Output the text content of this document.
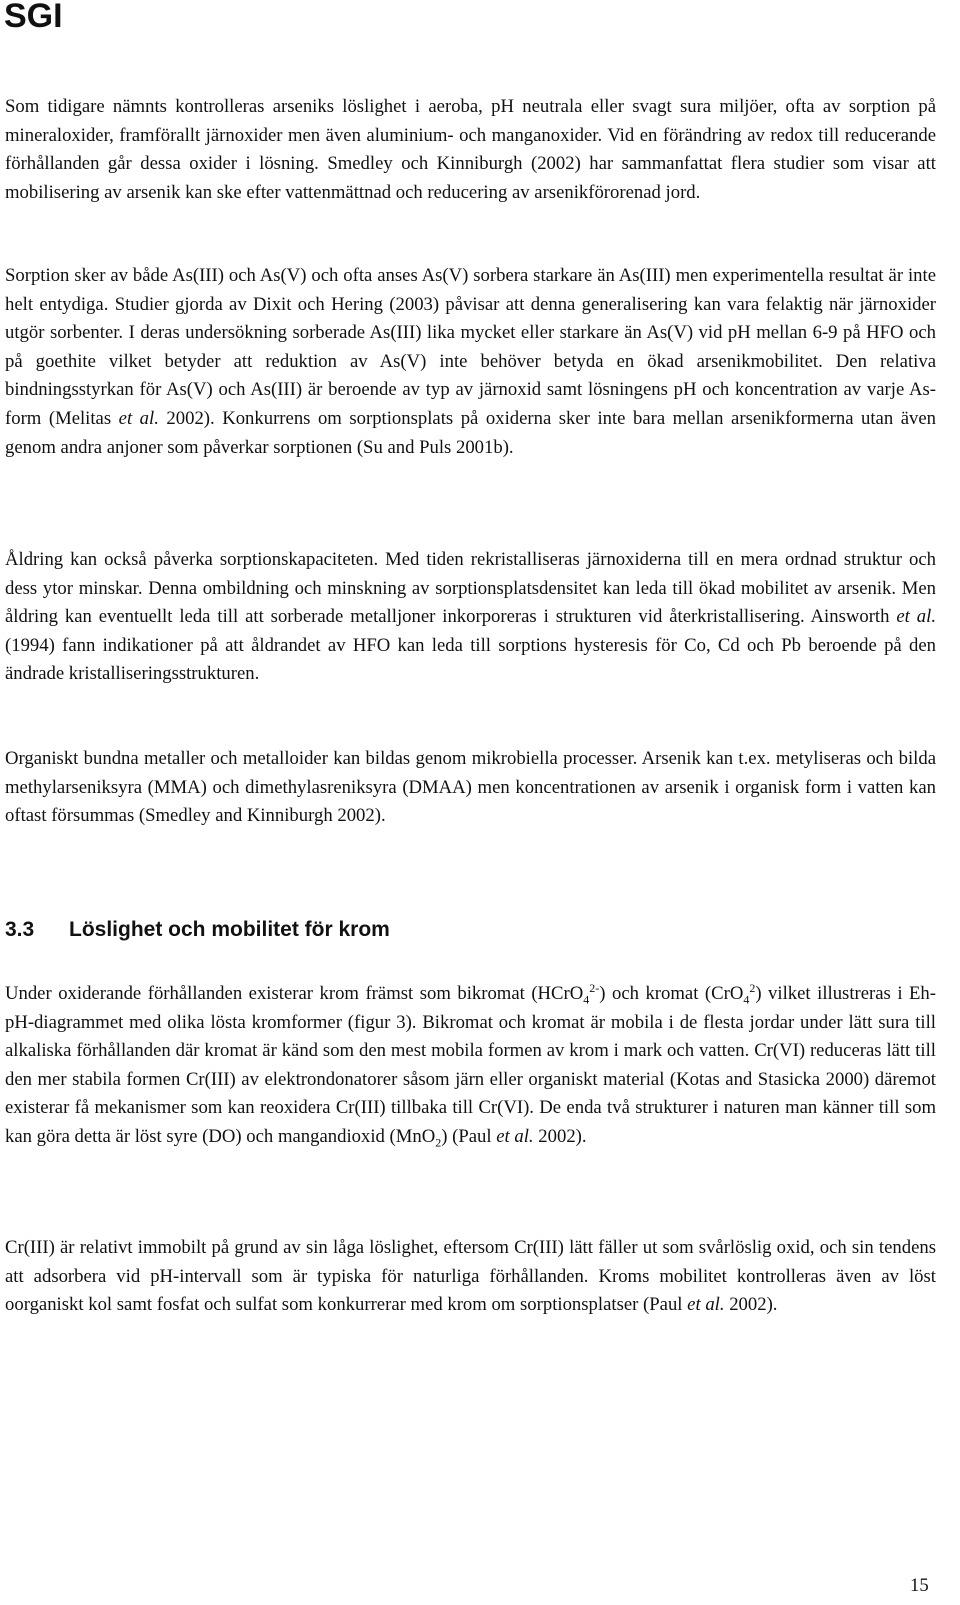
SGI

Som tidigare nämnts kontrolleras arseniks löslighet i aeroba, pH neutrala eller svagt sura miljöer, ofta av sorption på mineraloxider, framförallt järnoxider men även aluminium- och manganoxider. Vid en förändring av redox till reducerande förhållanden går dessa oxider i lösning. Smedley och Kinniburgh (2002) har sammanfattat flera studier som visar att mobilisering av arsenik kan ske efter vattenmättnad och reducering av arsenikförorenad jord.

Sorption sker av både As(III) och As(V) och ofta anses As(V) sorbera starkare än As(III) men experimentella resultat är inte helt entydiga. Studier gjorda av Dixit och Hering (2003) påvisar att denna generalisering kan vara felaktig när järnoxider utgör sorbenter. I deras undersökning sorberade As(III) lika mycket eller starkare än As(V) vid pH mellan 6-9 på HFO och på goethite vilket betyder att reduktion av As(V) inte behöver betyda en ökad arsenikmobilitet. Den relativa bindningsstyrkan för As(V) och As(III) är beroende av typ av järnoxid samt lösningens pH och koncentration av varje As-form (Melitas et al. 2002). Konkurrens om sorptionsplats på oxiderna sker inte bara mellan arsenikformerna utan även genom andra anjoner som påverkar sorptionen (Su and Puls 2001b).

Åldring kan också påverka sorptionskapaciteten. Med tiden rekristalliseras järnoxiderna till en mera ordnad struktur och dess ytor minskar. Denna ombildning och minskning av sorptionsplatsdensitet kan leda till ökad mobilitet av arsenik. Men åldring kan eventuellt leda till att sorberade metalljoner inkorporeras i strukturen vid återkristallisering. Ainsworth et al. (1994) fann indikationer på att åldrandet av HFO kan leda till sorptions hysteresis för Co, Cd och Pb beroende på den ändrade kristalliseringsstrukturen.

Organiskt bundna metaller och metalloider kan bildas genom mikrobiella processer. Arsenik kan t.ex. metyliseras och bilda methylarseniksyra (MMA) och dimethylasreniksyra (DMAA) men koncentrationen av arsenik i organisk form i vatten kan oftast försummas (Smedley and Kinniburgh 2002).

3.3 Löslighet och mobilitet för krom

Under oxiderande förhållanden existerar krom främst som bikromat (HCrO$_4^{2-}$) och kromat (CrO$_4^2$) vilket illustreras i Eh-pH-diagrammet med olika lösta kromformer (figur 3). Bikromat och kromat är mobila i de flesta jordar under lätt sura till alkaliska förhållanden där kromat är känd som den mest mobila formen av krom i mark och vatten. Cr(VI) reduceras lätt till den mer stabila formen Cr(III) av elektrondonatorer såsom järn eller organiskt material (Kotas and Stasicka 2000) däremot existerar få mekanismer som kan reoxidera Cr(III) tillbaka till Cr(VI). De enda två strukturer i naturen man känner till som kan göra detta är löst syre (DO) och mangandioxid (MnO$_2$) (Paul et al. 2002).

Cr(III) är relativt immobilt på grund av sin låga löslighet, eftersom Cr(III) lätt fäller ut som svårlöslig oxid, och sin tendens att adsorbera vid pH-intervall som är typiska för naturliga förhållanden. Kroms mobilitet kontrolleras även av löst oorganiskt kol samt fosfat och sulfat som konkurrerar med krom om sorptionsplatser (Paul et al. 2002).

15
